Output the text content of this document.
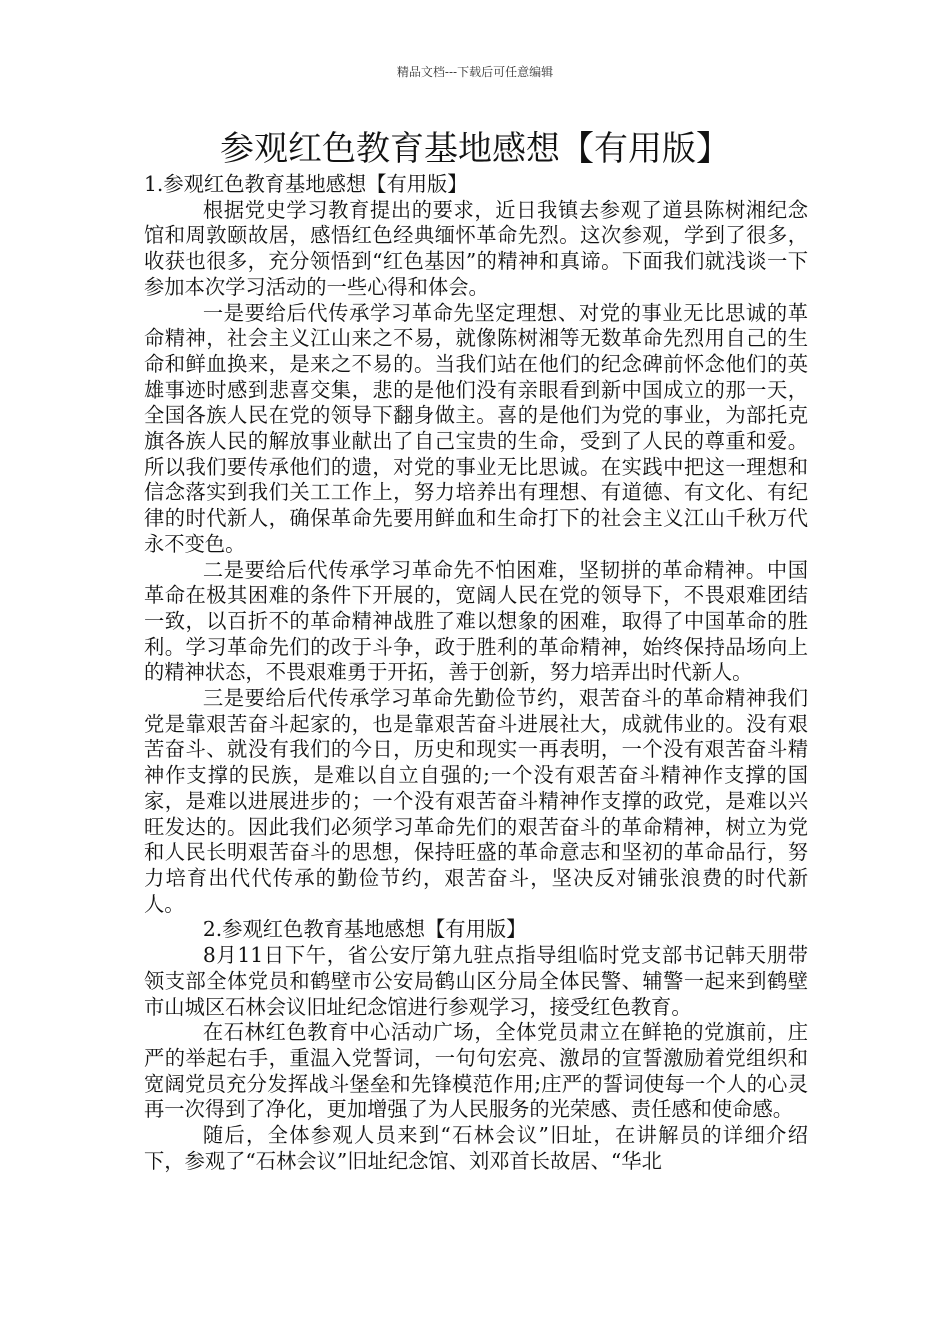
精品文档---下载后可任意编辑
参观红色教育基地感想【有用版】

1.参观红色教育基地感想【有用版】

根据党史学习教育提出的要求，近日我镇去参观了道县陈树湘纪念馆和周敦颐故居，感悟红色经典缅怀革命先烈。这次参观，学到了很多，收获也很多，充分领悟到“红色基因”的精神和真谛。下面我们就浅谈一下参加本次学习活动的一些心得和体会。

一是要给后代传承学习革命先坚定理想、对党的事业无比思诚的革命精神，社会主义江山来之不易，就像陈树湘等无数革命先烈用自己的生命和鲜血换来，是来之不易的。当我们站在他们的纪念碑前怀念他们的英雄事迹时感到悲喜交集，悲的是他们没有亲眼看到新中国成立的那一天，全国各族人民在党的领导下翻身做主。喜的是他们为党的事业，为部托克旗各族人民的解放事业献出了自己宝贵的生命，受到了人民的尊重和爱。所以我们要传承他们的遗，对党的事业无比思诚。在实践中把这一理想和信念落实到我们关工工作上，努力培养出有理想、有道德、有文化、有纪律的时代新人，确保革命先要用鲜血和生命打下的社会主义江山千秋万代永不变色。

二是要给后代传承学习革命先不怕困难，坚韧拼的革命精神。中国革命在极其困难的条件下开展的，宽阔人民在党的领导下，不畏艰难团结一致，以百折不的革命精神战胜了难以想象的困难，取得了中国革命的胜利。学习革命先们的改于斗争，政于胜利的革命精神，始终保持品场向上的精神状态，不畏艰难勇于开拓，善于创新，努力培弄出时代新人。

三是要给后代传承学习革命先勤俭节约，艰苦奋斗的革命精神我们党是靠艰苦奋斗起家的，也是靠艰苦奋斗进展社大，成就伟业的。没有艰苦奋斗、就没有我们的今日，历史和现实一再表明，一个没有艰苦奋斗精神作支撑的民族，是难以自立自强的;一个没有艰苦奋斗精神作支撑的国家，是难以进展进步的；一个没有艰苦奋斗精神作支撑的政党，是难以兴旺发达的。因此我们必须学习革命先们的艰苦奋斗的革命精神，树立为党和人民长明艰苦奋斗的思想，保持旺盛的革命意志和坚初的革命品行，努力培育出代代传承的勤俭节约，艰苦奋斗，坚决反对铺张浪费的时代新人。

2.参观红色教育基地感想【有用版】

8月11日下午，省公安厅第九驻点指导组临时党支部书记韩天朋带领支部全体党员和鹤壁市公安局鹤山区分局全体民警、辅警一起来到鹤壁市山城区石林会议旧址纪念馆进行参观学习，接受红色教育。

在石林红色教育中心活动广场，全体党员肃立在鲜艳的党旗前，庄严的举起右手，重温入党誓词，一句句宏亮、激昂的宣誓激励着党组织和宽阔党员充分发挥战斗堡垒和先锋模范作用;庄严的誓词使每一个人的心灵再一次得到了净化，更加增强了为人民服务的光荣感、责任感和使命感。

随后，全体参观人员来到“石林会议”旧址，在讲解员的详细介绍下，参观了“石林会议”旧址纪念馆、刘邓首长故居、“华北
